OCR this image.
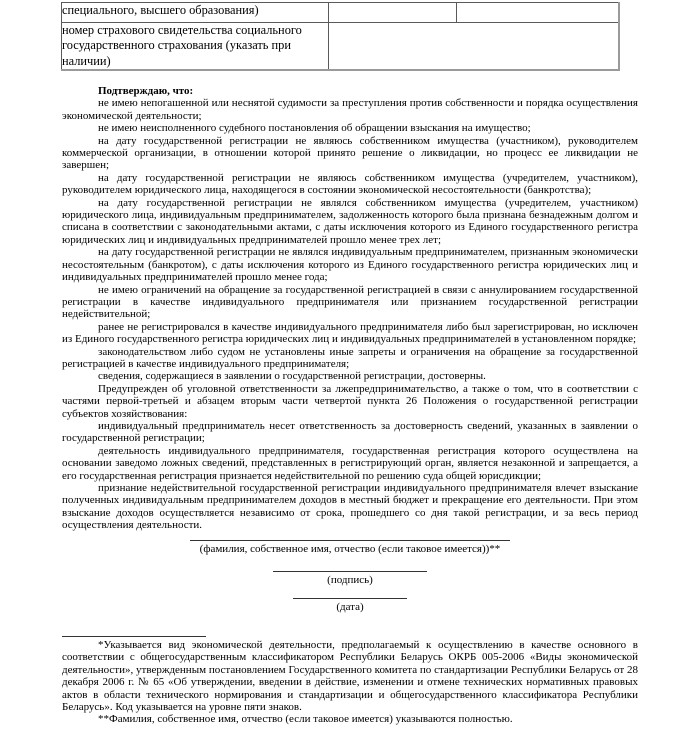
специального, высшего образования)		
номер страхового свидетельства социального государственного страхования (указать при наличии)		

Подтверждаю, что:

не имею непогашенной или неснятой судимости за преступления против собственности и порядка осуществления экономической деятельности;

не имею неисполненного судебного постановления об обращении взыскания на имущество;

на дату государственной регистрации не являюсь собственником имущества (участником), руководителем коммерческой организации, в отношении которой принято решение о ликвидации, но процесс ее ликвидации не завершен;

на дату государственной регистрации не являюсь собственником имущества (учредителем, участником), руководителем юридического лица, находящегося в состоянии экономической несостоятельности (банкротства);

на дату государственной регистрации не являлся собственником имущества (учредителем, участником) юридического лица, индивидуальным предпринимателем, задолженность которого была признана безнадежным долгом и списана в соответствии с законодательными актами, с даты исключения которого из Единого государственного регистра юридических лиц и индивидуальных предпринимателей прошло менее трех лет;

на дату государственной регистрации не являлся индивидуальным предпринимателем, признанным экономически несостоятельным (банкротом), с даты исключения которого из Единого государственного регистра юридических лиц и индивидуальных предпринимателей прошло менее года;

не имею ограничений на обращение за государственной регистрацией в связи с аннулированием государственной регистрации в качестве индивидуального предпринимателя или признанием государственной регистрации недействительной;

ранее не регистрировался в качестве индивидуального предпринимателя либо был зарегистрирован, но исключен из Единого государственного регистра юридических лиц и индивидуальных предпринимателей в установленном порядке;

законодательством либо судом не установлены иные запреты и ограничения на обращение за государственной регистрацией в качестве индивидуального предпринимателя;

сведения, содержащиеся в заявлении о государственной регистрации, достоверны.

Предупрежден об уголовной ответственности за лжепредпринимательство, а также о том, что в соответствии с частями первой-третьей и абзацем вторым части четвертой пункта 26 Положения о государственной регистрации субъектов хозяйствования:

индивидуальный предприниматель несет ответственность за достоверность сведений, указанных в заявлении о государственной регистрации;

деятельность индивидуального предпринимателя, государственная регистрация которого осуществлена на основании заведомо ложных сведений, представленных в регистрирующий орган, является незаконной и запрещается, а его государственная регистрация признается недействительной по решению суда общей юрисдикции;

признание недействительной государственной регистрации индивидуального предпринимателя влечет взыскание полученных индивидуальным предпринимателем доходов в местный бюджет и прекращение его деятельности. При этом взыскание доходов осуществляется независимо от срока, прошедшего со дня такой регистрации, и за весь период осуществления деятельности.

(фамилия, собственное имя, отчество (если таковое имеется))**
(подпись)
(дата)

*Указывается вид экономической деятельности, предполагаемый к осуществлению в качестве основного в соответствии с общегосударственным классификатором Республики Беларусь ОКРБ 005-2006 «Виды экономической деятельности», утвержденным постановлением Государственного комитета по стандартизации Республики Беларусь от 28 декабря 2006 г. № 65 «Об утверждении, введении в действие, изменении и отмене технических нормативных правовых актов в области технического нормирования и стандартизации и общегосударственного классификатора Республики Беларусь». Код указывается на уровне пяти знаков.

**Фамилия, собственное имя, отчество (если таковое имеется) указываются полностью.
